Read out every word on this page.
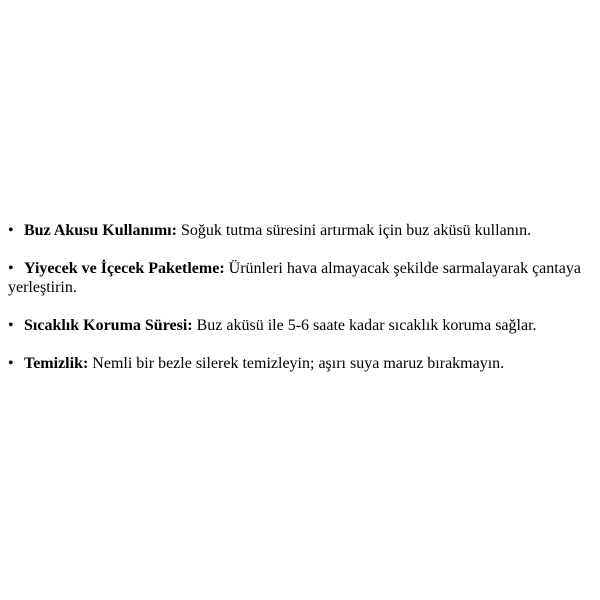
• Buz Akusu Kullanımı: Soğuk tutma süresini artırmak için buz aküsü kullanın.
• Yiyecek ve İçecek Paketleme: Ürünleri hava almayacak şekilde sarmalayarak çantaya yerleştirin.
• Sıcaklık Koruma Süresi: Buz aküsü ile 5-6 saate kadar sıcaklık koruma sağlar.
• Temizlik: Nemli bir bezle silerek temizleyin; aşırı suya maruz bırakmayın.
